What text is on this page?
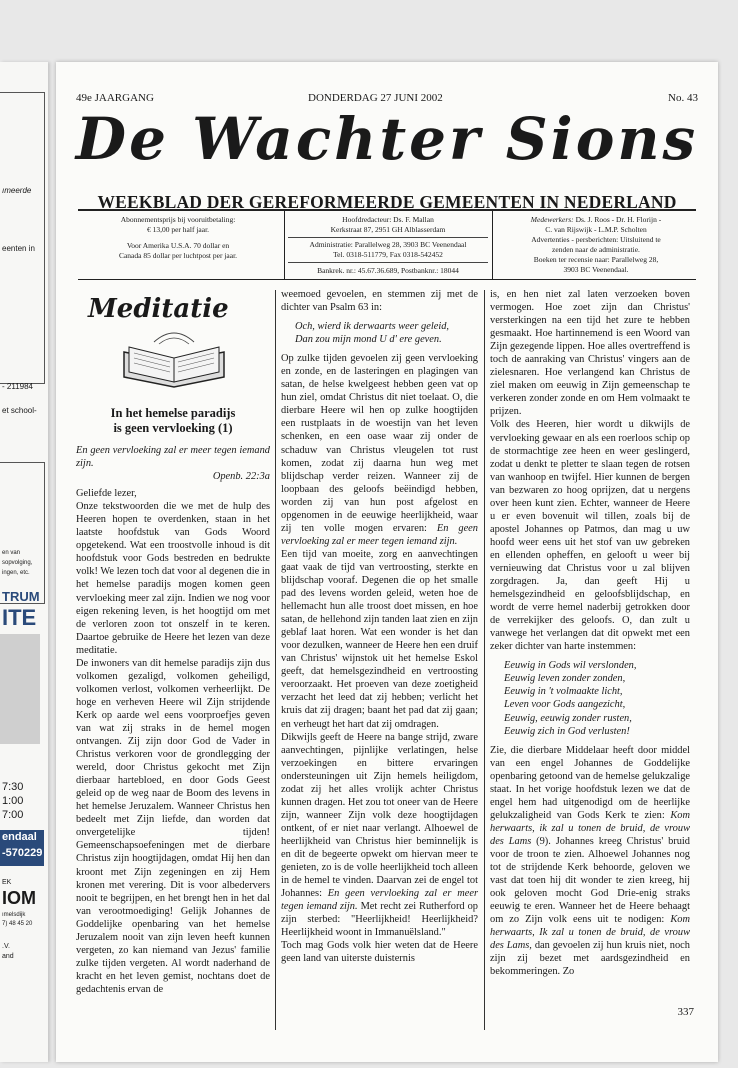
ımeerde
eenten in
- 211984
et school-
en van
sopvolging,
ingen, etc.
TRUM
ITE
7:30
1:00
7:00
endaal
-570229
EK
IOM
ımelsdijk
7) 48 45 20
.V.
and
49e JAARGANG	DONDERDAG 27 JUNI 2002	No. 43
De Wachter Sions
WEEKBLAD DER GEREFORMEERDE GEMEENTEN IN NEDERLAND
Abonnementsprijs bij vooruitbetaling:
€ 13,00 per half jaar.
Voor Amerika U.S.A. 70 dollar en
Canada 85 dollar per luchtpost per jaar.
Hoofdredacteur: Ds. F. Mallan
Kerkstraat 87, 2951 GH Alblasserdam
Administratie: Parallelweg 28, 3903 BC Veenendaal
Tel. 0318-511779, Fax 0318-542452
Bankrek. nr.: 45.67.36.689, Postbanknr.: 18044
Medewerkers: Ds. J. Roos - Dr. H. Florijn -
C. van Rijswijk - L.M.P. Scholten
Advertenties - persberichten: Uitsluitend te
zenden naar de administratie.
Boeken ter recensie naar: Parallelweg 28,
3903 BC Veenendaal.
Meditatie
In het hemelse paradijs
is geen vervloeking (1)

En geen vervloeking zal er meer tegen iemand zijn.

Openb. 22:3a

Geliefde lezer,

Onze tekstwoorden die we met de hulp des Heeren hopen te overdenken, staan in het laatste hoofdstuk van Gods Woord opgetekend. Wat een troostvolle inhoud is dit hoofdstuk voor Gods bestreden en bedrukte volk! We lezen toch dat voor al degenen die in het hemelse paradijs mogen komen geen vervloeking meer zal zijn. Indien we nog voor eigen rekening leven, is het hoogtijd om met de verloren zoon tot onszelf in te keren. Daartoe gebruike de Heere het lezen van deze meditatie.

De inwoners van dit hemelse paradijs zijn dus volkomen gezaligd, volkomen geheiligd, volkomen verlost, volkomen verheerlijkt. De hoge en verheven Heere wil Zijn strijdende Kerk op aarde wel eens voorproefjes geven van wat zij straks in de hemel mogen ontvangen. Zij zijn door God de Vader in Christus verkoren voor de grondlegging der wereld, door Christus gekocht met Zijn dierbaar hartebloed, en door Gods Geest geleid op de weg naar de Boom des levens in het hemelse Jeruzalem. Wanneer Christus hen bedeelt met Zijn liefde, dan worden dat onvergetelijke tijden! Gemeenschapsoefeningen met de dierbare Christus zijn hoogtijdagen, omdat Hij hen dan kroont met Zijn zegeningen en zij Hem kronen met verering. Dit is voor albedervers nooit te begrijpen, en het brengt hen in het dal van verootmoediging! Gelijk Johannes de Goddelijke openbaring van het hemelse Jeruzalem nooit van zijn leven heeft kunnen vergeten, zo kan niemand van Jezus' familie zulke tijden vergeten. Al wordt naderhand de kracht en het leven gemist, nochtans doet de gedachtenis ervan de

weemoed gevoelen, en stemmen zij met de dichter van Psalm 63 in:

Och, wierd ik derwaarts weer geleid,
Dan zou mijn mond U d' ere geven.

Op zulke tijden gevoelen zij geen vervloeking en zonde, en de lasteringen en plagingen van satan, de helse kwelgeest hebben geen vat op hun ziel, omdat Christus dit niet toelaat. O, die dierbare Heere wil hen op zulke hoogtijden een rustplaats in de woestijn van het leven schenken, en een oase waar zij onder de schaduw van Christus vleugelen tot rust komen, zodat zij daarna hun weg met blijdschap verder reizen. Wanneer zij de loopbaan des geloofs beëindigd hebben, worden zij van hun post afgelost en opgenomen in de eeuwige heerlijkheid, waar zij ten volle mogen ervaren: En geen vervloeking zal er meer tegen iemand zijn.

Een tijd van moeite, zorg en aanvechtingen gaat vaak de tijd van vertroosting, sterkte en blijdschap vooraf. Degenen die op het smalle pad des levens worden geleid, weten hoe de hellemacht hun alle troost doet missen, en hoe satan, de hellehond zijn tanden laat zien en zijn geblaf laat horen. Wat een wonder is het dan voor dezulken, wanneer de Heere hen een druif van Christus' wijnstok uit het hemelse Eskol geeft, dat hemelsgezindheid en vertroosting veroorzaakt. Het proeven van deze zoetigheid verzacht het leed dat zij hebben; verlicht het kruis dat zij dragen; baant het pad dat zij gaan; en verheugt het hart dat zij omdragen.

Dikwijls geeft de Heere na bange strijd, zware aanvechtingen, pijnlijke verlatingen, helse verzoekingen en bittere ervaringen ondersteuningen uit Zijn hemels heiligdom, zodat zij het alles vrolijk achter Christus kunnen dragen. Het zou tot oneer van de Heere zijn, wanneer Zijn volk deze hoogtijdagen ontkent, of er niet naar verlangt. Alhoewel de heerlijkheid van Christus hier beminnelijk is en dit de begeerte opwekt om hiervan meer te genieten, zo is de volle heerlijkheid toch alleen in de hemel te vinden. Daarvan zei de engel tot Johannes: En geen vervloeking zal er meer tegen iemand zijn. Met recht zei Rutherford op zijn sterbed: "Heerlijkheid! Heerlijkheid? Heerlijkheid woont in Immanuëlsland."

Toch mag Gods volk hier weten dat de Heere geen land van uiterste duisternis

is, en hen niet zal laten verzoeken boven vermogen. Hoe zoet zijn dan Christus' versterkingen na een tijd het zure te hebben gesmaakt. Hoe hartinnemend is een Woord van Zijn gezegende lippen. Hoe alles overtreffend is toch de aanraking van Christus' vingers aan de zielesnaren. Hoe verlangend kan Christus de ziel maken om eeuwig in Zijn gemeenschap te verkeren zonder zonde en om Hem volmaakt te prijzen.

Volk des Heeren, hier wordt u dikwijls de vervloeking gewaar en als een roerloos schip op de stormachtige zee heen en weer geslingerd, zodat u denkt te pletter te slaan tegen de rotsen van wanhoop en twijfel. Hier kunnen de bergen van bezwaren zo hoog oprijzen, dat u nergens over heen kunt zien. Echter, wanneer de Heere u er even bovenuit wil tillen, zoals bij de apostel Johannes op Patmos, dan mag u uw hoofd weer eens uit het stof van uw gebreken en ellenden opheffen, en gelooft u weer bij vernieuwing dat Christus voor u zal blijven zorgdragen. Ja, dan geeft Hij u hemelsgezindheid en geloofsblijdschap, en wordt de verre hemel naderbij getrokken door de verrekijker des geloofs. O, dan zult u vanwege het verlangen dat dit opwekt met een zeker dichter van harte instemmen:

Eeuwig in Gods wil verslonden,
Eeuwig leven zonder zonden,
Eeuwig in 't volmaakte licht,
Leven voor Gods aangezicht,
Eeuwig, eeuwig zonder rusten,
Eeuwig zich in God verlusten!

Zie, die dierbare Middelaar heeft door middel van een engel Johannes de Goddelijke openbaring getoond van de hemelse gelukzalige staat. In het vorige hoofdstuk lezen we dat de engel hem had uitgenodigd om de heerlijke gelukzaligheid van Gods Kerk te zien: Kom herwaarts, ik zal u tonen de bruid, de vrouw des Lams (9). Johannes kreeg Christus' bruid voor de troon te zien. Alhoewel Johannes nog tot de strijdende Kerk behoorde, geloven we vast dat toen hij dit wonder te zien kreeg, hij ook geloven mocht God Drie-enig straks eeuwig te eren. Wanneer het de Heere behaagt om zo Zijn volk eens uit te nodigen: Kom herwaarts, Ik zal u tonen de bruid, de vrouw des Lams, dan gevoelen zij hun kruis niet, noch zijn zij bezet met aardsgezindheid en bekommeringen. Zo

337
